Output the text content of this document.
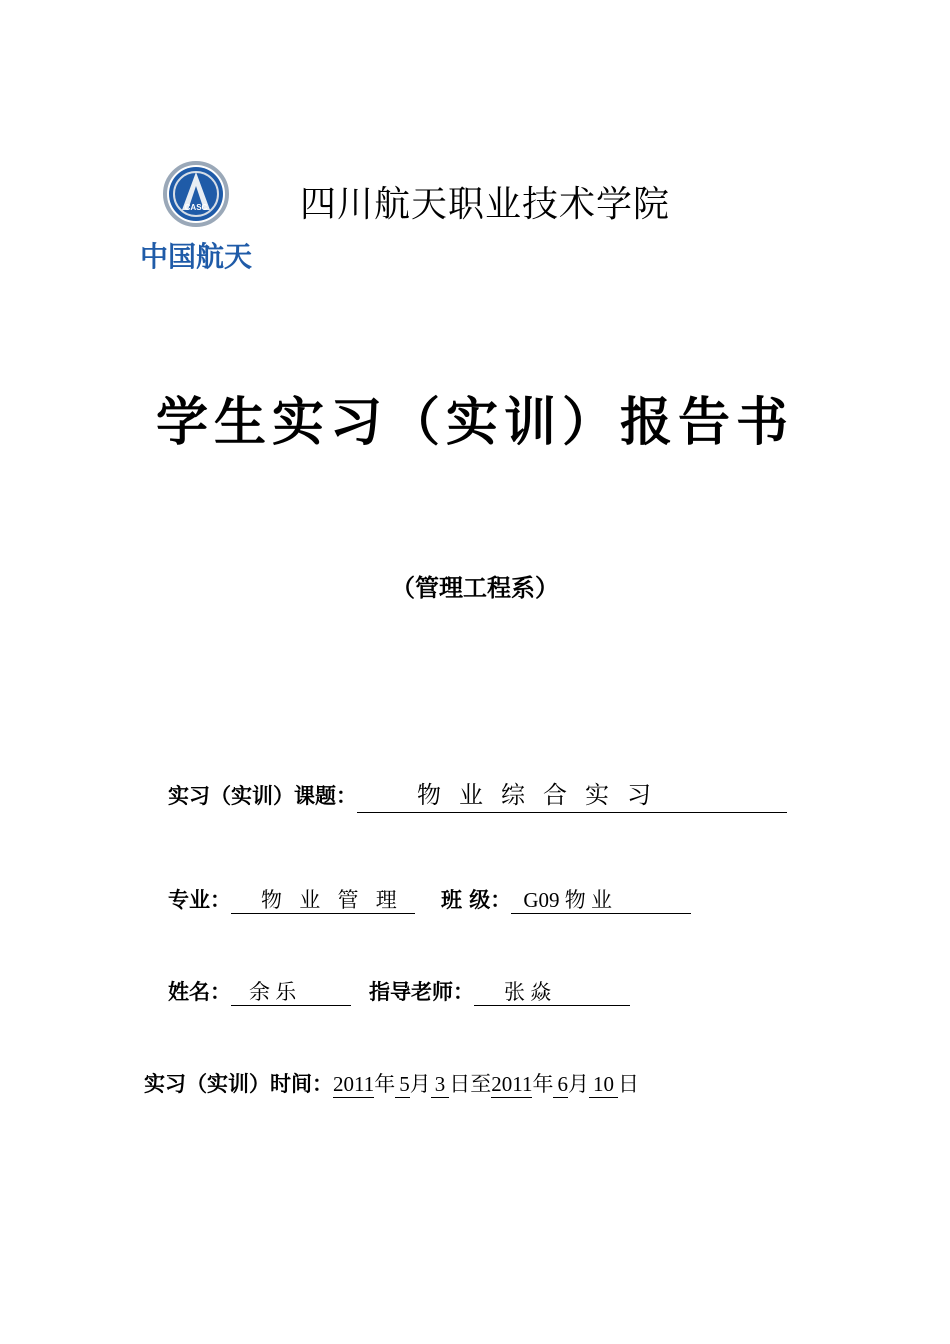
CASC
中国航天
四川航天职业技术学院
学生实习（实训）报告书
（管理工程系）
实习（实训）课题：	物 业 综 合 实 习
专业：	物 业 管 理	班 级： G09 物 业
姓名： 余 乐	指导老师：	张 焱
实习（实训）时间： 2011 年 5 月 3 日 至 2011 年 6 月 10 日
